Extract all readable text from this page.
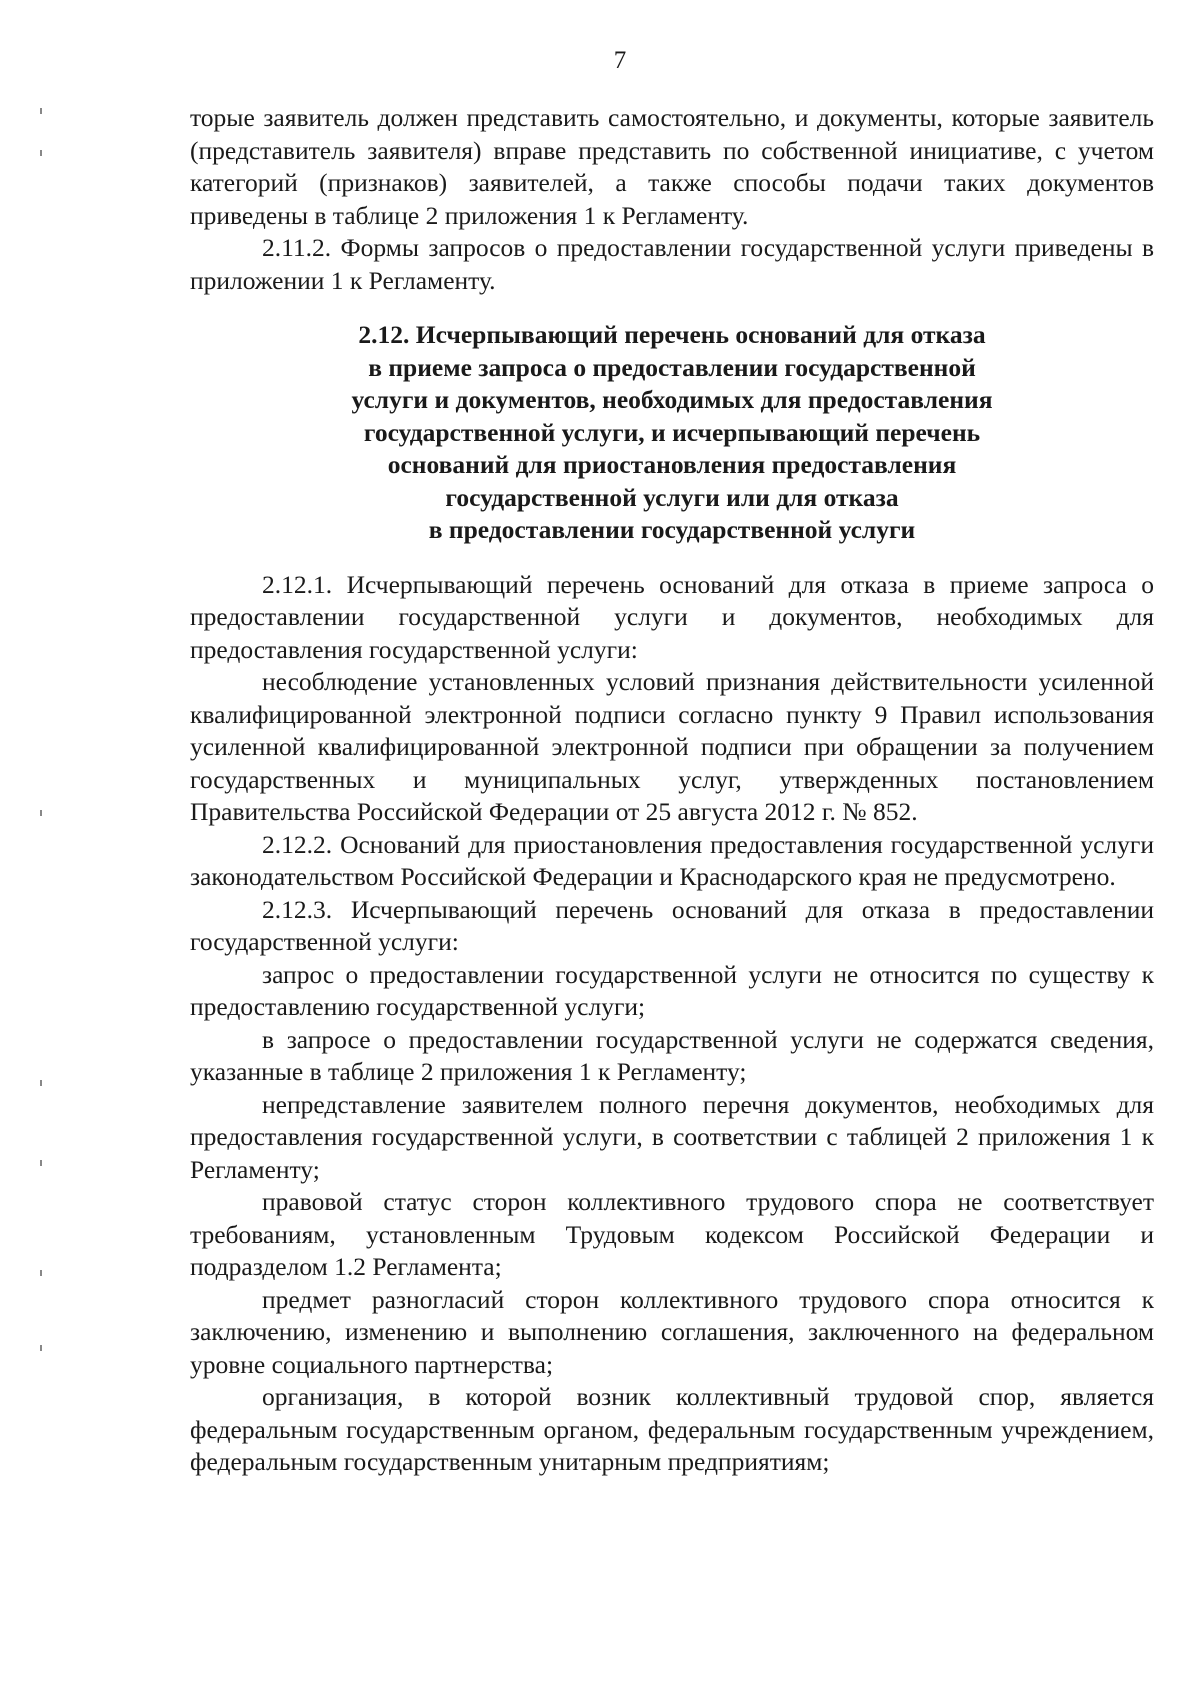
7

торые заявитель должен представить самостоятельно, и документы, которые заявитель (представитель заявителя) вправе представить по собственной инициативе, с учетом категорий (признаков) заявителей, а также способы подачи таких документов приведены в таблице 2 приложения 1 к Регламенту.

2.11.2. Формы запросов о предоставлении государственной услуги приведены в приложении 1 к Регламенту.

2.12. Исчерпывающий перечень оснований для отказа
в приеме запроса о предоставлении государственной
услуги и документов, необходимых для предоставления
государственной услуги, и исчерпывающий перечень
оснований для приостановления предоставления
государственной услуги или для отказа
в предоставлении государственной услуги

2.12.1. Исчерпывающий перечень оснований для отказа в приеме запроса о предоставлении государственной услуги и документов, необходимых для предоставления государственной услуги:

несоблюдение установленных условий признания действительности усиленной квалифицированной электронной подписи согласно пункту 9 Правил использования усиленной квалифицированной электронной подписи при обращении за получением государственных и муниципальных услуг, утвержденных постановлением Правительства Российской Федерации от 25 августа 2012 г. № 852.

2.12.2. Оснований для приостановления предоставления государственной услуги законодательством Российской Федерации и Краснодарского края не предусмотрено.

2.12.3. Исчерпывающий перечень оснований для отказа в предоставлении государственной услуги:

запрос о предоставлении государственной услуги не относится по существу к предоставлению государственной услуги;

в запросе о предоставлении государственной услуги не содержатся сведения, указанные в таблице 2 приложения 1 к Регламенту;

непредставление заявителем полного перечня документов, необходимых для предоставления государственной услуги, в соответствии с таблицей 2 приложения 1 к Регламенту;

правовой статус сторон коллективного трудового спора не соответствует требованиям, установленным Трудовым кодексом Российской Федерации и подразделом 1.2 Регламента;

предмет разногласий сторон коллективного трудового спора относится к заключению, изменению и выполнению соглашения, заключенного на федеральном уровне социального партнерства;

организация, в которой возник коллективный трудовой спор, является федеральным государственным органом, федеральным государственным учреждением, федеральным государственным унитарным предприятиям;
